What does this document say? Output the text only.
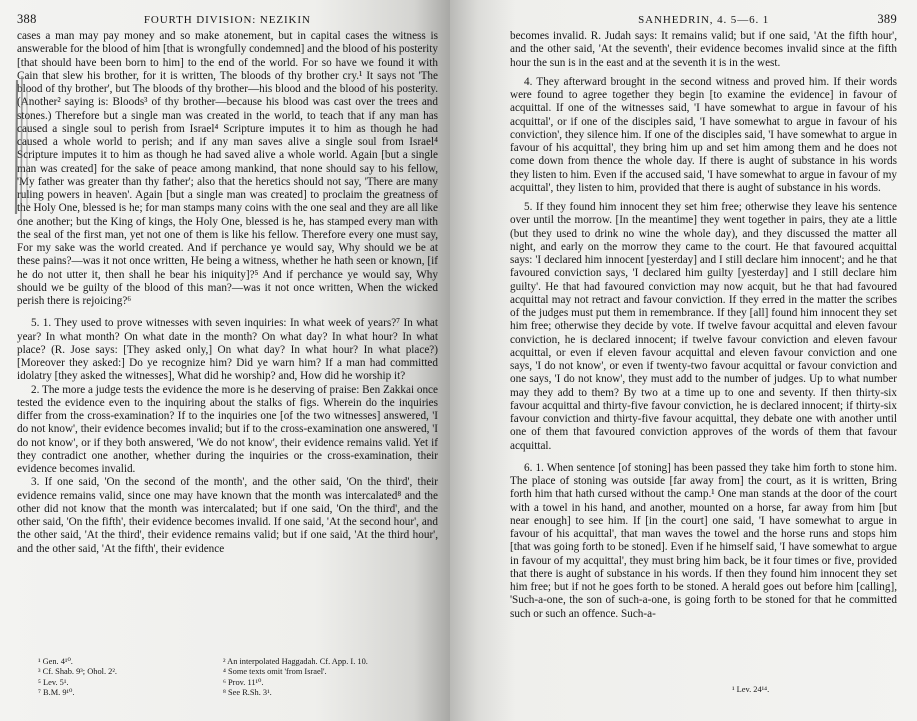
388	FOURTH DIVISION: NEZIKIN

cases a man may pay money and so make atonement, but in capital cases the witness is answerable for the blood of him [that is wrongfully condemned] and the blood of his posterity [that should have been born to him] to the end of the world. For so have we found it with Cain that slew his brother, for it is written, The bloods of thy brother cry.¹ It says not 'The blood of thy brother', but The bloods of thy brother—his blood and the blood of his posterity. (Another² saying is: Bloods³ of thy brother—because his blood was cast over the trees and stones.) Therefore but a single man was created in the world, to teach that if any man has caused a single soul to perish from Israel⁴ Scripture imputes it to him as though he had caused a whole world to perish; and if any man saves alive a single soul from Israel⁴ Scripture imputes it to him as though he had saved alive a whole world. Again [but a single man was created] for the sake of peace among mankind, that none should say to his fellow, 'My father was greater than thy father'; also that the heretics should not say, 'There are many ruling powers in heaven'. Again [but a single man was created] to proclaim the greatness of the Holy One, blessed is he; for man stamps many coins with the one seal and they are all like one another; but the King of kings, the Holy One, blessed is he, has stamped every man with the seal of the first man, yet not one of them is like his fellow. Therefore every one must say, For my sake was the world created. And if perchance ye would say, Why should we be at these pains?—was it not once written, He being a witness, whether he hath seen or known, [if he do not utter it, then shall he bear his iniquity]?⁵ And if perchance ye would say, Why should we be guilty of the blood of this man?—was it not once written, When the wicked perish there is rejoicing?⁶

5. 1. They used to prove witnesses with seven inquiries: In what week of years?⁷ In what year? In what month? On what date in the month? On what day? In what hour? In what place? (R. Jose says: [They asked only,] On what day? In what hour? In what place?) [Moreover they asked:] Do ye recognize him? Did ye warn him? If a man had committed idolatry [they asked the witnesses], What did he worship? and, How did he worship it?

2. The more a judge tests the evidence the more is he deserving of praise: Ben Zakkai once tested the evidence even to the inquiring about the stalks of figs. Wherein do the inquiries differ from the cross-examination? If to the inquiries one [of the two witnesses] answered, 'I do not know', their evidence becomes invalid; but if to the cross-examination one answered, 'I do not know', or if they both answered, 'We do not know', their evidence remains valid. Yet if they contradict one another, whether during the inquiries or the cross-examination, their evidence becomes invalid.

3. If one said, 'On the second of the month', and the other said, 'On the third', their evidence remains valid, since one may have known that the month was intercalated⁸ and the other did not know that the month was intercalated; but if one said, 'On the third', and the other said, 'On the fifth', their evidence becomes invalid. If one said, 'At the second hour', and the other said, 'At the third', their evidence remains valid; but if one said, 'At the third hour', and the other said, 'At the fifth', their evidence

¹ Gen. 4¹⁰.	² An interpolated Haggadah. Cf. App. I. 10.
³ Cf. Shab. 9³; Ohol. 2².	⁴ Some texts omit 'from Israel'.
⁵ Lev. 5¹.	⁶ Prov. 11¹⁰.
⁷ B.M. 9¹⁰.	⁸ See R.Sh. 3¹.
SANHEDRIN, 4. 5—6. 1	389

becomes invalid. R. Judah says: It remains valid; but if one said, 'At the fifth hour', and the other said, 'At the seventh', their evidence becomes invalid since at the fifth hour the sun is in the east and at the seventh it is in the west.

4. They afterward brought in the second witness and proved him. If their words were found to agree together they begin [to examine the evidence] in favour of acquittal. If one of the witnesses said, 'I have somewhat to argue in favour of his acquittal', or if one of the disciples said, 'I have somewhat to argue in favour of his conviction', they silence him. If one of the disciples said, 'I have somewhat to argue in favour of his acquittal', they bring him up and set him among them and he does not come down from thence the whole day. If there is aught of substance in his words they listen to him. Even if the accused said, 'I have somewhat to argue in favour of my acquittal', they listen to him, provided that there is aught of substance in his words.

5. If they found him innocent they set him free; otherwise they leave his sentence over until the morrow. [In the meantime] they went together in pairs, they ate a little (but they used to drink no wine the whole day), and they discussed the matter all night, and early on the morrow they came to the court. He that favoured acquittal says: 'I declared him innocent [yesterday] and I still declare him innocent'; and he that favoured conviction says, 'I declared him guilty [yesterday] and I still declare him guilty'. He that had favoured conviction may now acquit, but he that had favoured acquittal may not retract and favour conviction. If they erred in the matter the scribes of the judges must put them in remembrance. If they [all] found him innocent they set him free; otherwise they decide by vote. If twelve favour acquittal and eleven favour conviction, he is declared innocent; if twelve favour conviction and eleven favour acquittal, or even if eleven favour acquittal and eleven favour conviction and one says, 'I do not know', or even if twenty-two favour acquittal or favour conviction and one says, 'I do not know', they must add to the number of judges. Up to what number may they add to them? By two at a time up to one and seventy. If then thirty-six favour acquittal and thirty-five favour conviction, he is declared innocent; if thirty-six favour conviction and thirty-five favour acquittal, they debate one with another until one of them that favoured conviction approves of the words of them that favour acquittal.

6. 1. When sentence [of stoning] has been passed they take him forth to stone him. The place of stoning was outside [far away from] the court, as it is written, Bring forth him that hath cursed without the camp.¹ One man stands at the door of the court with a towel in his hand, and another, mounted on a horse, far away from him [but near enough] to see him. If [in the court] one said, 'I have somewhat to argue in favour of his acquittal', that man waves the towel and the horse runs and stops him [that was going forth to be stoned]. Even if he himself said, 'I have somewhat to argue in favour of my acquittal', they must bring him back, be it four times or five, provided that there is aught of substance in his words. If then they found him innocent they set him free; but if not he goes forth to be stoned. A herald goes out before him [calling], 'Such-a-one, the son of such-a-one, is going forth to be stoned for that he committed such or such an offence. Such-a-

¹ Lev. 24¹⁴.
